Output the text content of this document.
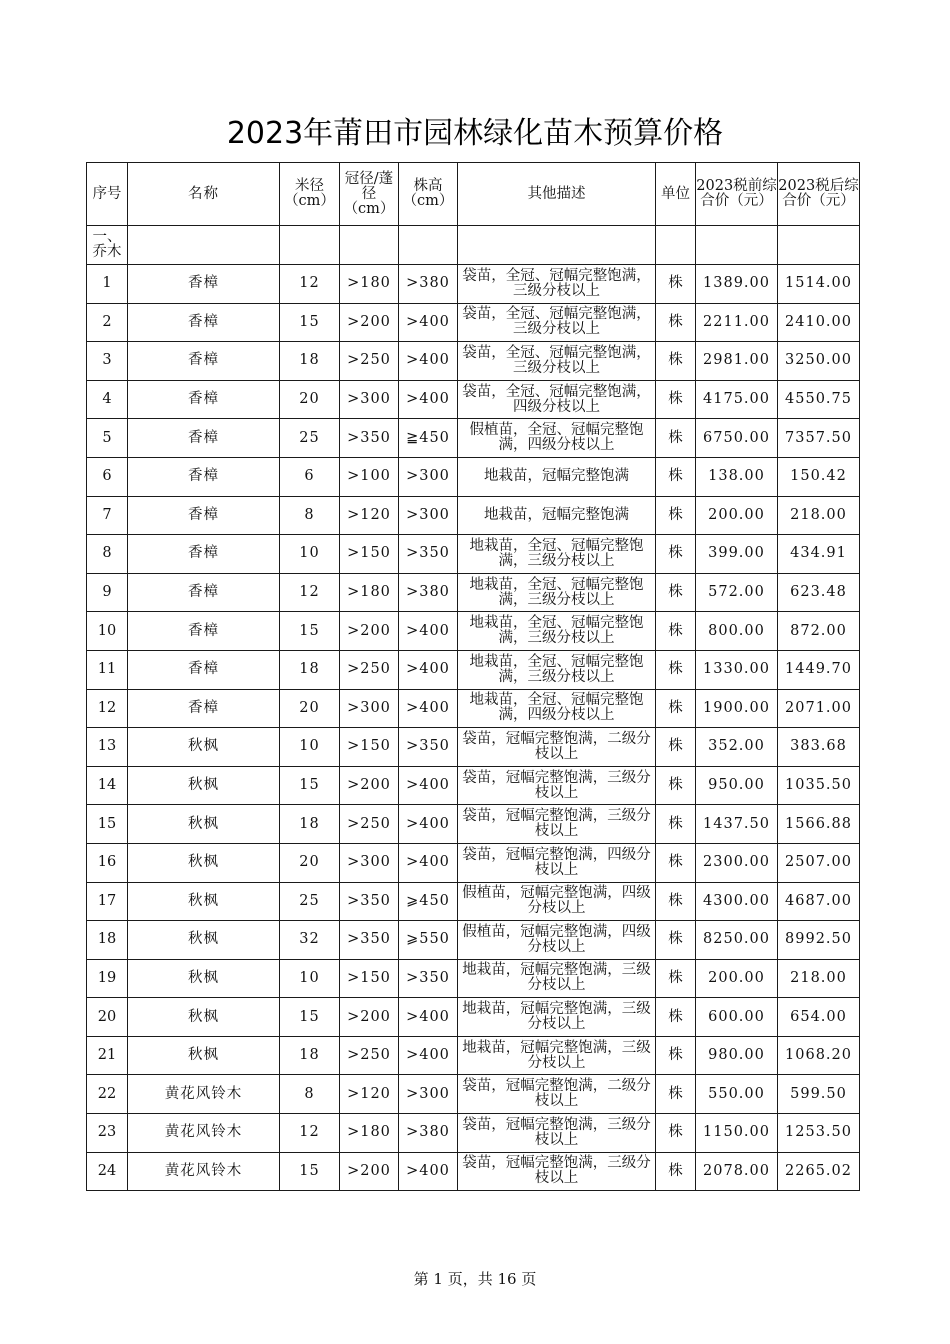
2023年莆田市园林绿化苗木预算价格
序号	名称	米径（cm）	冠径/蓬径（cm）	株高（cm）	其他描述	单位	2023税前综合价（元）	2023税后综合价（元）
一、乔木								
1	香樟	12	>180	>380	袋苗，全冠、冠幅完整饱满，三级分枝以上	株	1389.00	1514.00
2	香樟	15	>200	>400	袋苗，全冠、冠幅完整饱满，三级分枝以上	株	2211.00	2410.00
3	香樟	18	>250	>400	袋苗，全冠、冠幅完整饱满，三级分枝以上	株	2981.00	3250.00
4	香樟	20	>300	>400	袋苗，全冠、冠幅完整饱满，四级分枝以上	株	4175.00	4550.75
5	香樟	25	>350	≧450	假植苗，全冠、冠幅完整饱满，四级分枝以上	株	6750.00	7357.50
6	香樟	6	>100	>300	地栽苗，冠幅完整饱满	株	138.00	150.42
7	香樟	8	>120	>300	地栽苗，冠幅完整饱满	株	200.00	218.00
8	香樟	10	>150	>350	地栽苗，全冠、冠幅完整饱满，三级分枝以上	株	399.00	434.91
9	香樟	12	>180	>380	地栽苗，全冠、冠幅完整饱满，三级分枝以上	株	572.00	623.48
10	香樟	15	>200	>400	地栽苗，全冠、冠幅完整饱满，三级分枝以上	株	800.00	872.00
11	香樟	18	>250	>400	地栽苗，全冠、冠幅完整饱满，三级分枝以上	株	1330.00	1449.70
12	香樟	20	>300	>400	地栽苗，全冠、冠幅完整饱满，四级分枝以上	株	1900.00	2071.00
13	秋枫	10	>150	>350	袋苗，冠幅完整饱满，二级分枝以上	株	352.00	383.68
14	秋枫	15	>200	>400	袋苗，冠幅完整饱满，三级分枝以上	株	950.00	1035.50
15	秋枫	18	>250	>400	袋苗，冠幅完整饱满，三级分枝以上	株	1437.50	1566.88
16	秋枫	20	>300	>400	袋苗，冠幅完整饱满，四级分枝以上	株	2300.00	2507.00
17	秋枫	25	>350	⩾450	假植苗，冠幅完整饱满，四级分枝以上	株	4300.00	4687.00
18	秋枫	32	>350	⩾550	假植苗，冠幅完整饱满，四级分枝以上	株	8250.00	8992.50
19	秋枫	10	>150	>350	地栽苗，冠幅完整饱满，三级分枝以上	株	200.00	218.00
20	秋枫	15	>200	>400	地栽苗，冠幅完整饱满，三级分枝以上	株	600.00	654.00
21	秋枫	18	>250	>400	地栽苗，冠幅完整饱满，三级分枝以上	株	980.00	1068.20
22	黄花风铃木	8	>120	>300	袋苗，冠幅完整饱满，二级分枝以上	株	550.00	599.50
23	黄花风铃木	12	>180	>380	袋苗，冠幅完整饱满，三级分枝以上	株	1150.00	1253.50
24	黄花风铃木	15	>200	>400	袋苗，冠幅完整饱满，三级分枝以上	株	2078.00	2265.02
第 1 页，共 16 页
